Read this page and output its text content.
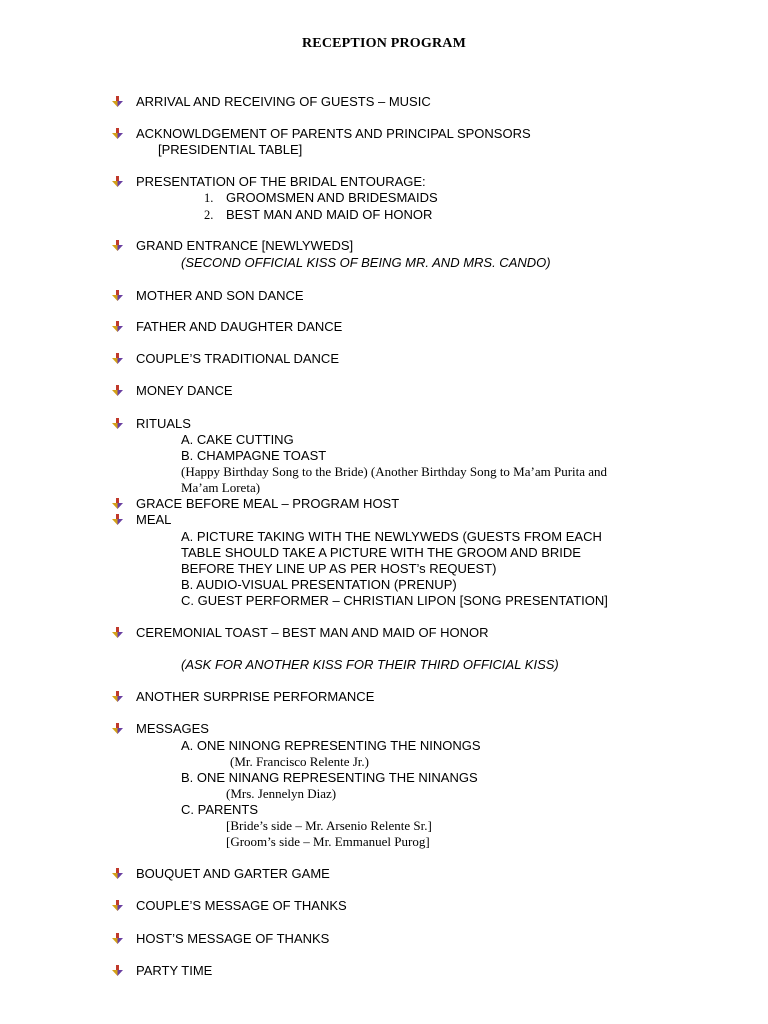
RECEPTION PROGRAM
ARRIVAL AND RECEIVING OF GUESTS – MUSIC
ACKNOWLDGEMENT OF PARENTS AND PRINCIPAL SPONSORS
[PRESIDENTIAL TABLE]
PRESENTATION OF THE BRIDAL ENTOURAGE:
1. GROOMSMEN AND BRIDESMAIDS
2. BEST MAN AND MAID OF HONOR
GRAND ENTRANCE [NEWLYWEDS]
(SECOND OFFICIAL KISS OF BEING MR. AND MRS. CANDO)
MOTHER AND SON DANCE
FATHER AND DAUGHTER DANCE
COUPLE’S TRADITIONAL DANCE
MONEY DANCE
RITUALS
A. CAKE CUTTING
B. CHAMPAGNE TOAST
(Happy Birthday Song to the Bride) (Another Birthday Song to Ma’am Purita and
Ma’am Loreta)
GRACE BEFORE MEAL – PROGRAM HOST
MEAL
A. PICTURE TAKING WITH THE NEWLYWEDS (GUESTS FROM EACH
TABLE SHOULD TAKE A PICTURE WITH THE GROOM AND BRIDE
BEFORE THEY LINE UP AS PER HOST’s REQUEST)
B. AUDIO-VISUAL PRESENTATION (PRENUP)
C. GUEST PERFORMER – CHRISTIAN LIPON [SONG PRESENTATION]
CEREMONIAL TOAST – BEST MAN AND MAID OF HONOR
(ASK FOR ANOTHER KISS FOR THEIR THIRD OFFICIAL KISS)
ANOTHER SURPRISE PERFORMANCE
MESSAGES
A. ONE NINONG REPRESENTING THE NINONGS
(Mr. Francisco Relente Jr.)
B. ONE NINANG REPRESENTING THE NINANGS
(Mrs. Jennelyn Diaz)
C. PARENTS
[Bride’s side – Mr. Arsenio Relente Sr.]
[Groom’s side – Mr. Emmanuel Purog]
BOUQUET AND GARTER GAME
COUPLE’S MESSAGE OF THANKS
HOST’S MESSAGE OF THANKS
PARTY TIME
